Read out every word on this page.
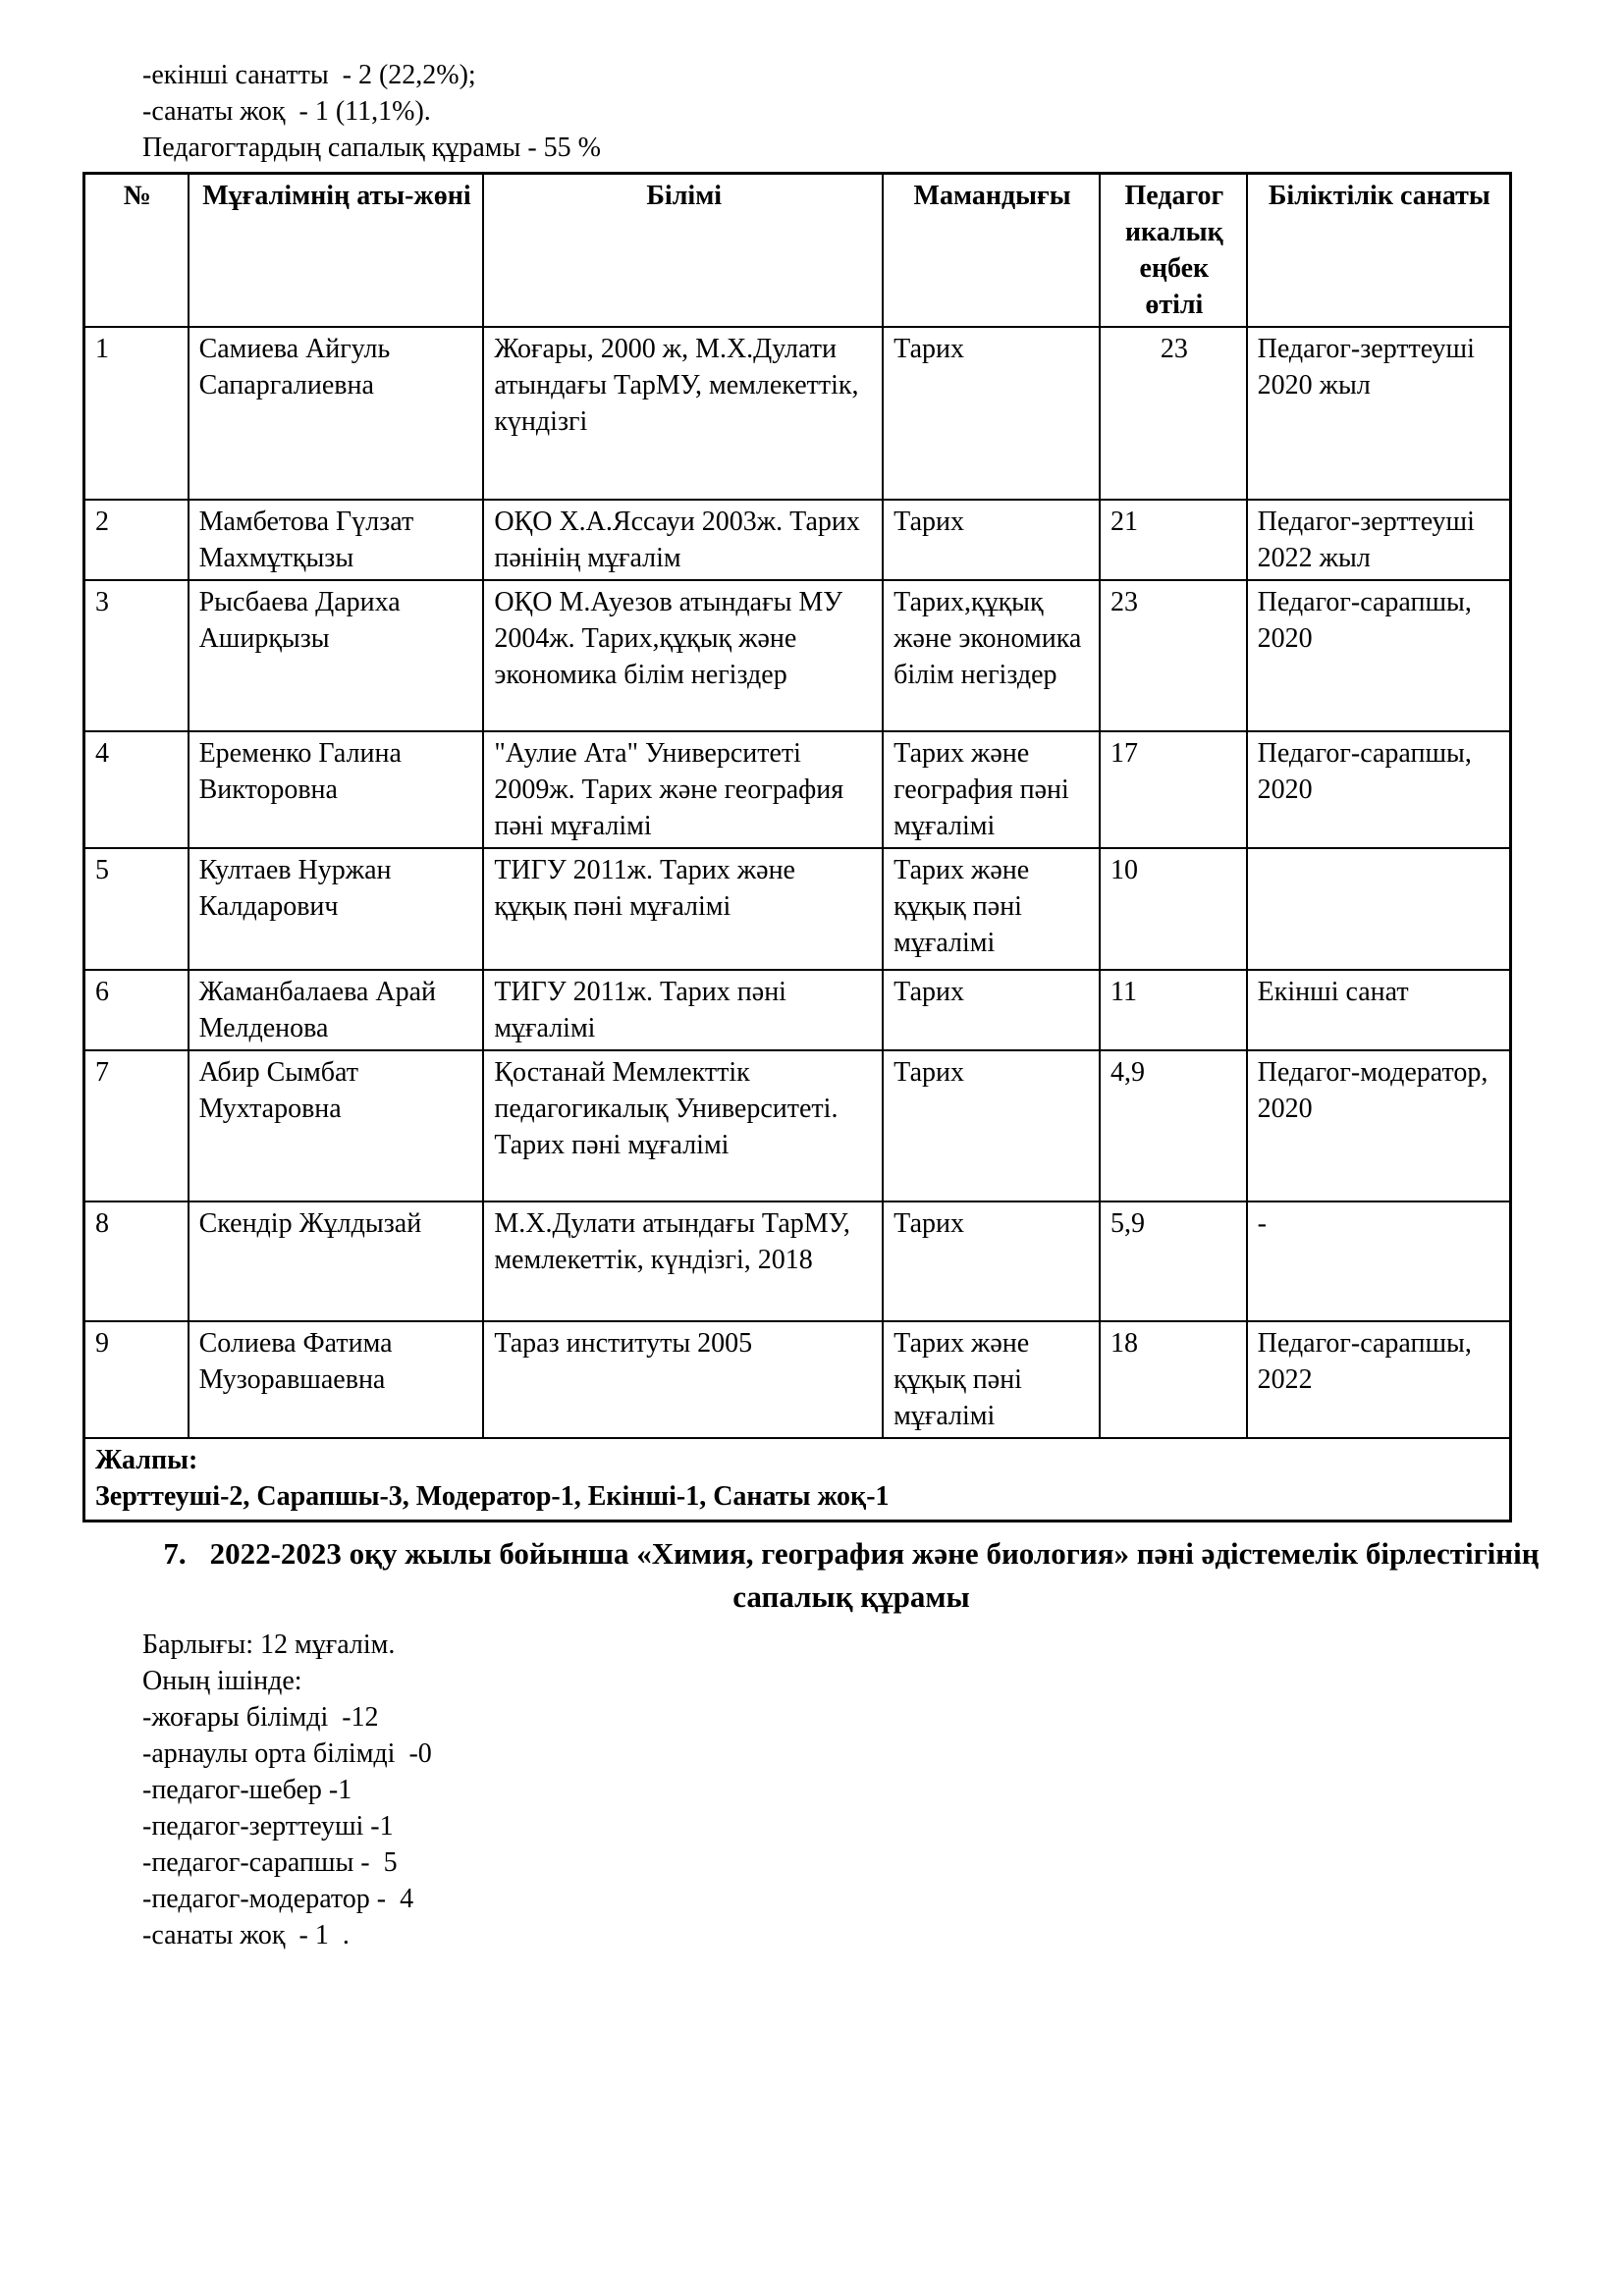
-екінші санатты  - 2 (22,2%);
-санаты жоқ  - 1 (11,1%).
Педагогтардың сапалық құрамы - 55 %
№	Мұғалімнің аты-жөні	Білімі	Мамандығы	Педагог икалық еңбек өтілі	Біліктілік санаты
1	Самиева Айгуль Сапаргалиевна	Жоғары, 2000 ж, М.Х.Дулати атындағы ТарМУ, мемлекеттік, күндізгі	Тарих	23	Педагог-зерттеуші 2020 жыл
2	Мамбетова Гүлзат Махмұтқызы	ОҚО Х.А.Яссауи 2003ж. Тарих пәнінің мұғалім	Тарих	21	Педагог-зерттеуші 2022 жыл
3	Рысбаева Дариха Аширқызы	ОҚО М.Ауезов атындағы МУ 2004ж. Тарих,құқық және экономика білім негіздер	Тарих,құқық және экономика білім негіздер	23	Педагог-сарапшы, 2020
4	Еременко Галина Викторовна	"Аулие Ата" Университеті 2009ж. Тарих және география пәні мұғалімі	Тарих және география пәні мұғалімі	17	Педагог-сарапшы, 2020
5	Култаев Нуржан Калдарович	ТИГУ 2011ж. Тарих және құқық пәні мұғалімі	Тарих және құқық пәні мұғалімі	10	
6	Жаманбалаева Арай Мелденова	ТИГУ 2011ж. Тарих пәні мұғалімі	Тарих	11	Екінші санат
7	Абир Сымбат Мухтаровна	Қостанай Мемлекттік педагогикалық Университеті. Тарих пәні мұғалімі	Тарих	4,9	Педагог-модератор, 2020
8	Скендір Жұлдызай	М.Х.Дулати атындағы ТарМУ, мемлекеттік, күндізгі, 2018	Тарих	5,9	-
9	Солиева Фатима Музоравшаевна	Тараз институты 2005	Тарих және құқық пәні мұғалімі	18	Педагог-сарапшы, 2022

Жалпы:
Зерттеуші-2, Сарапшы-3, Модератор-1, Екінші-1, Санаты жоқ-1					
7. 2022-2023 оқу жылы бойынша «Химия, география және биология» пәні әдістемелік бірлестігінің сапалық құрамы
Барлығы: 12 мұғалім.
Оның ішінде:
-жоғары білімді  -12
-арнаулы орта білімді  -0
-педагог-шебер -1
-педагог-зерттеуші -1
-педагог-сарапшы -  5
-педагог-модератор -  4
-санаты жоқ  - 1  .
